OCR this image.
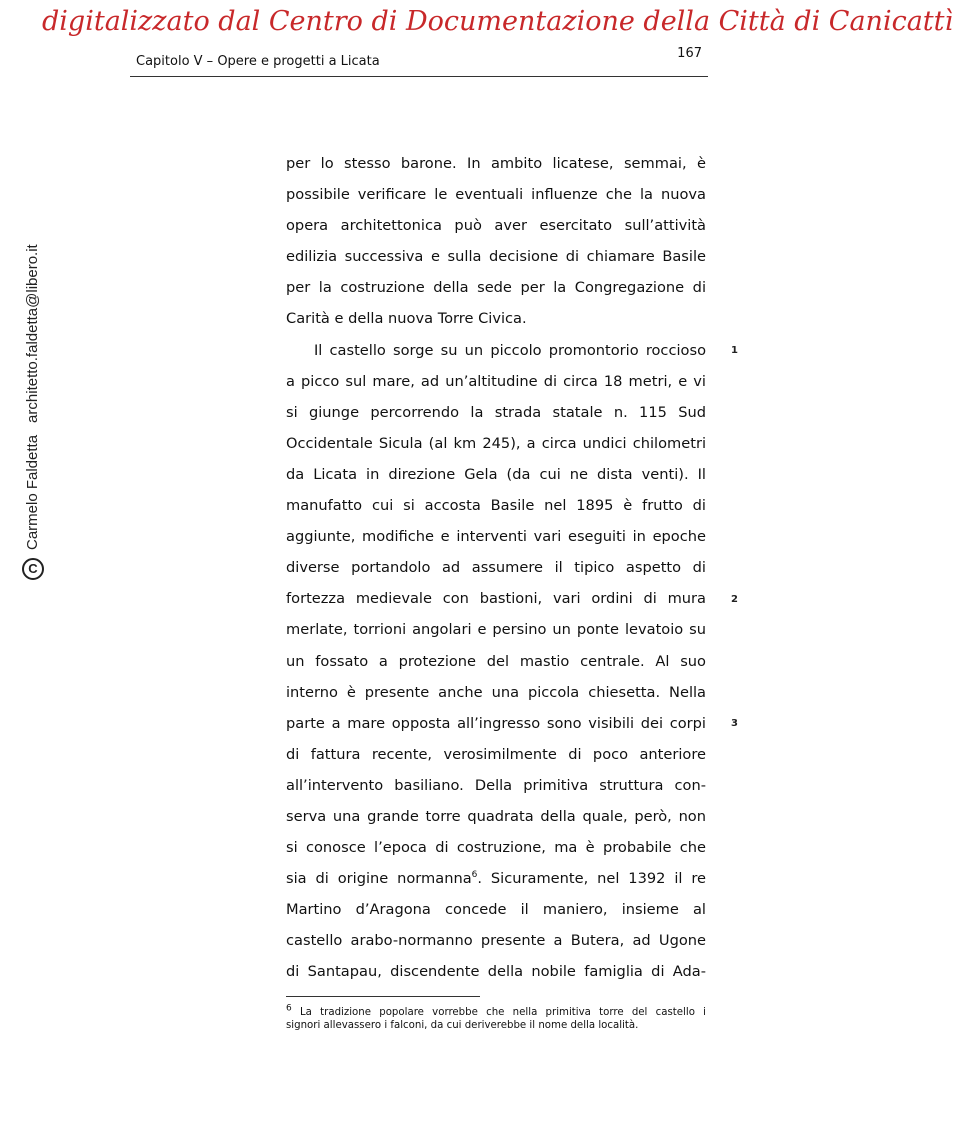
digitalizzato dal Centro di Documentazione della Città di Canicattì
Capitolo V – Opere e progetti a Licata
167
CCarmelo Faldettaarchitetto.faldetta@libero.it
per lo stesso barone. In ambito licatese, semmai, è
possibile verificare le eventuali influenze che la nuova
opera architettonica può aver esercitato sull’attività
edilizia successiva e sulla decisione di chiamare Basile
per la costruzione della sede per la Congregazione di
Carità e della nuova Torre Civica.
Il castello sorge su un piccolo promontorio roccioso
a picco sul mare, ad un’altitudine di circa 18 metri, e vi
si giunge percorrendo la strada statale n. 115 Sud
Occidentale Sicula (al km 245), a circa undici chilometri
da Licata in direzione Gela (da cui ne dista venti). Il
manufatto cui si accosta Basile nel 1895 è frutto di
aggiunte, modifiche e interventi vari eseguiti in epoche
diverse portandolo ad assumere il tipico aspetto di
fortezza medievale con bastioni, vari ordini di mura
merlate, torrioni angolari e persino un ponte levatoio su
un fossato a protezione del mastio centrale. Al suo
interno è presente anche una piccola chiesetta. Nella
parte a mare opposta all’ingresso sono visibili dei corpi
di fattura recente, verosimilmente di poco anteriore
all’intervento basiliano. Della primitiva struttura con-
serva una grande torre quadrata della quale, però, non
si conosce l’epoca di costruzione, ma è probabile che
sia di origine normanna$^6$. Sicuramente, nel 1392 il re
Martino d’Aragona concede il maniero, insieme al
castello arabo-normanno presente a Butera, ad Ugone
di Santapau, discendente della nobile famiglia di Ada-
1
2
3
$^6$ La tradizione popolare vorrebbe che nella primitiva torre del castello i
signori allevassero i falconi, da cui deriverebbe il nome della località.
